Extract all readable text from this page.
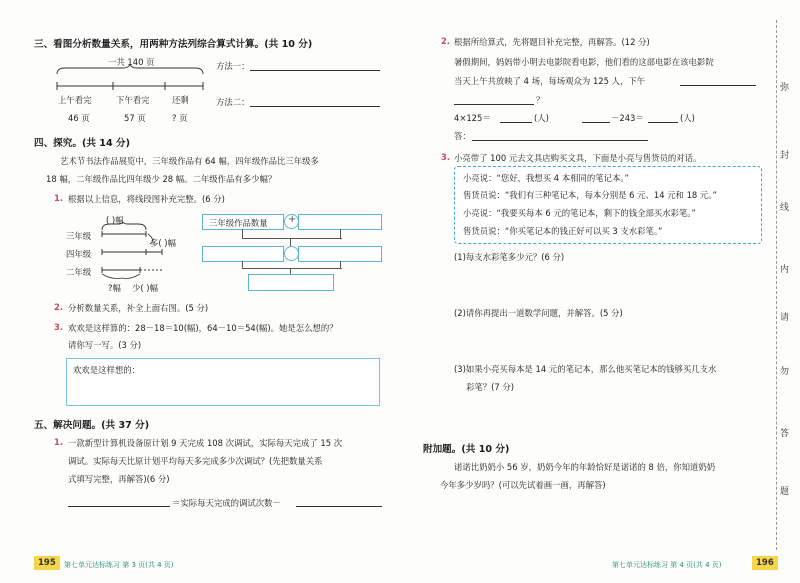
三、看图分析数量关系，用两种方法列综合算式计算。(共 10 分)
一共 140 页
上午看完	下午看完	还剩
46 页	57 页	? 页
方法一：
方法二：
四、探究。(共 14 分)
艺术节书法作品展览中，三年级作品有 64 幅，四年级作品比三年级多
18 幅，二年级作品比四年级少 28 幅。二年级作品有多少幅？
1. 根据以上信息，将线段图补充完整。(6 分)
( )幅
三年级
四年级
二年级
多( )幅
?幅 少( )幅
三年级作品数量 +
2. 分析数量关系，补全上面右图。(5 分)
3. 欢欢是这样算的：28－18＝10(幅)，64－10＝54(幅)。她是怎么想的？
请你写一写。(3 分)
欢欢是这样想的：
五、解决问题。(共 37 分)
1. 一款新型计算机设备原计划 9 天完成 108 次调试，实际每天完成了 15 次
调试。实际每天比原计划平均每天多完成多少次调试？(先把数量关系
式填写完整，再解答)(6 分)
＝实际每天完成的调试次数－
195	第七单元达标练习 第 3 页(共 4 页)
2. 根据所给算式，先将题目补充完整，再解答。(12 分)
暑假期间，妈妈带小明去电影院看电影，他们看的这部电影在该电影院
当天上午共放映了 4 场，每场观众为 125 人，下午
？
4×125＝	(人)	－243＝	(人)
答：
3. 小亮带了 100 元去文具店购买文具，下面是小亮与售货员的对话。
小亮说：“您好，我想买 4 本相同的笔记本。”
售货员说：“我们有三种笔记本，每本分别是 6 元、14 元和 18 元。”
小亮说：“我要买每本 6 元的笔记本，剩下的钱全部买水彩笔。”
售货员说：“你买笔记本的钱正好可以买 3 支水彩笔。”
(1)每支水彩笔多少元？(6 分)
(2)请你再提出一道数学问题，并解答。(5 分)
(3)如果小亮买每本是 14 元的笔记本，那么他买笔记本的钱够买几支水
彩笔？(7 分)
附加题。(共 10 分)
诺诺比奶奶小 56 岁，奶奶今年的年龄恰好是诺诺的 8 倍，你知道奶奶
今年多少岁吗？(可以先试着画一画，再解答)
弥
封
线
内
请
勿
答
题
第七单元达标练习 第 4 页(共 4 页)	196
